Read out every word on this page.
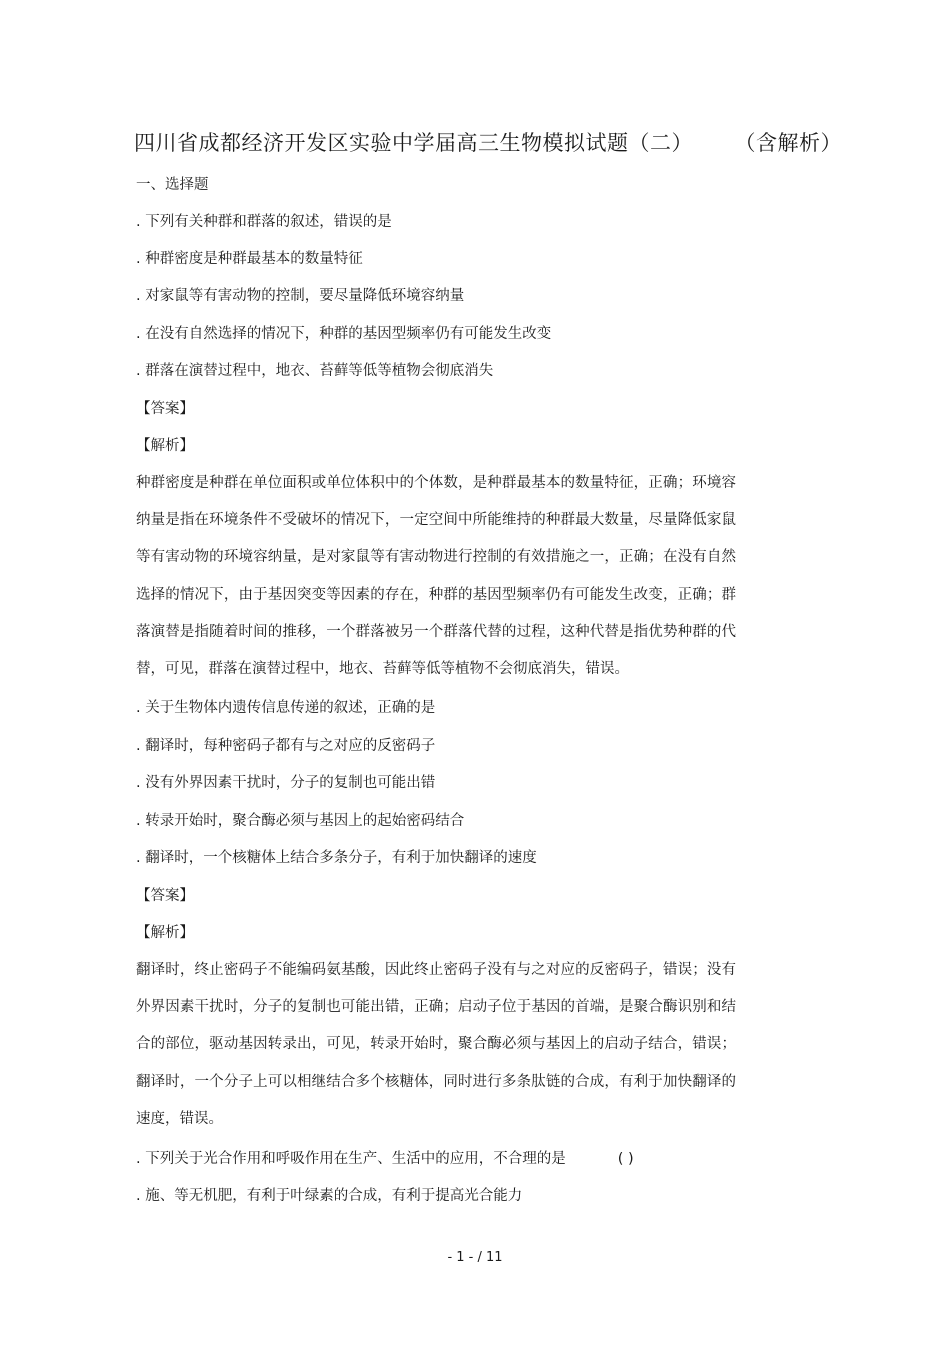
四川省成都经济开发区实验中学届高三生物模拟试题（二） （含解析）
一、选择题
. 下列有关种群和群落的叙述，错误的是
. 种群密度是种群最基本的数量特征
. 对家鼠等有害动物的控制，要尽量降低环境容纳量
. 在没有自然选择的情况下，种群的基因型频率仍有可能发生改变
. 群落在演替过程中，地衣、苔藓等低等植物会彻底消失
【答案】
【解析】
种群密度是种群在单位面积或单位体积中的个体数，是种群最基本的数量特征，正确；环境容纳量是指在环境条件不受破坏的情况下，一定空间中所能维持的种群最大数量，尽量降低家鼠等有害动物的环境容纳量，是对家鼠等有害动物进行控制的有效措施之一，正确；在没有自然选择的情况下，由于基因突变等因素的存在，种群的基因型频率仍有可能发生改变，正确；群落演替是指随着时间的推移，一个群落被另一个群落代替的过程，这种代替是指优势种群的代替，可见，群落在演替过程中，地衣、苔藓等低等植物不会彻底消失，错误。
. 关于生物体内遗传信息传递的叙述，正确的是
. 翻译时，每种密码子都有与之对应的反密码子
. 没有外界因素干扰时，分子的复制也可能出错
. 转录开始时，聚合酶必须与基因上的起始密码结合
. 翻译时，一个核糖体上结合多条分子，有利于加快翻译的速度
【答案】
【解析】
翻译时，终止密码子不能编码氨基酸，因此终止密码子没有与之对应的反密码子，错误；没有外界因素干扰时，分子的复制也可能出错，正确；启动子位于基因的首端，是聚合酶识别和结合的部位，驱动基因转录出，可见，转录开始时，聚合酶必须与基因上的启动子结合，错误；翻译时，一个分子上可以相继结合多个核糖体，同时进行多条肽链的合成，有利于加快翻译的速度，错误。
. 下列关于光合作用和呼吸作用在生产、生活中的应用，不合理的是	( )
. 施、等无机肥，有利于叶绿素的合成，有利于提高光合能力
- 1 - / 11
